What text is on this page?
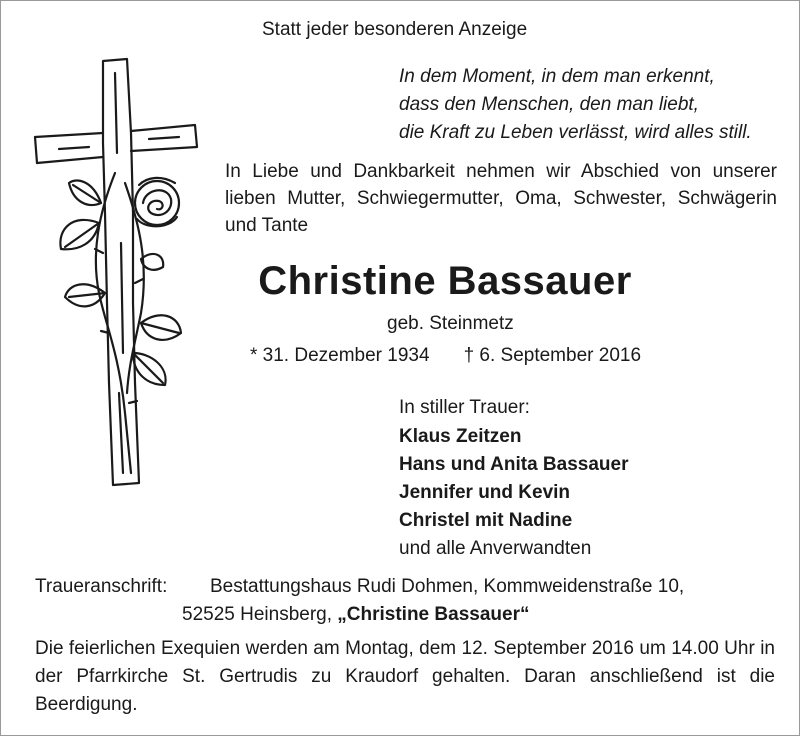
Statt jeder besonderen Anzeige
In dem Moment, in dem man erkennt,
dass den Menschen, den man liebt,
die Kraft zu Leben verlässt, wird alles still.
In Liebe und Dankbarkeit nehmen wir Abschied von unserer lieben Mutter, Schwiegermutter, Oma, Schwester, Schwägerin und Tante
Christine Bassauer
geb. Steinmetz
* 31. Dezember 1934 † 6. September 2016
In stiller Trauer:
Klaus Zeitzen
Hans und Anita Bassauer
Jennifer und Kevin
Christel mit Nadine
und alle Anverwandten
Traueranschrift: Bestattungshaus Rudi Dohmen, Kommweidenstraße 10,
52525 Heinsberg, „Christine Bassauer“
Die feierlichen Exequien werden am Montag, dem 12. September 2016 um 14.00 Uhr in der Pfarrkirche St. Gertrudis zu Kraudorf gehalten. Daran anschließend ist die Beerdigung.
